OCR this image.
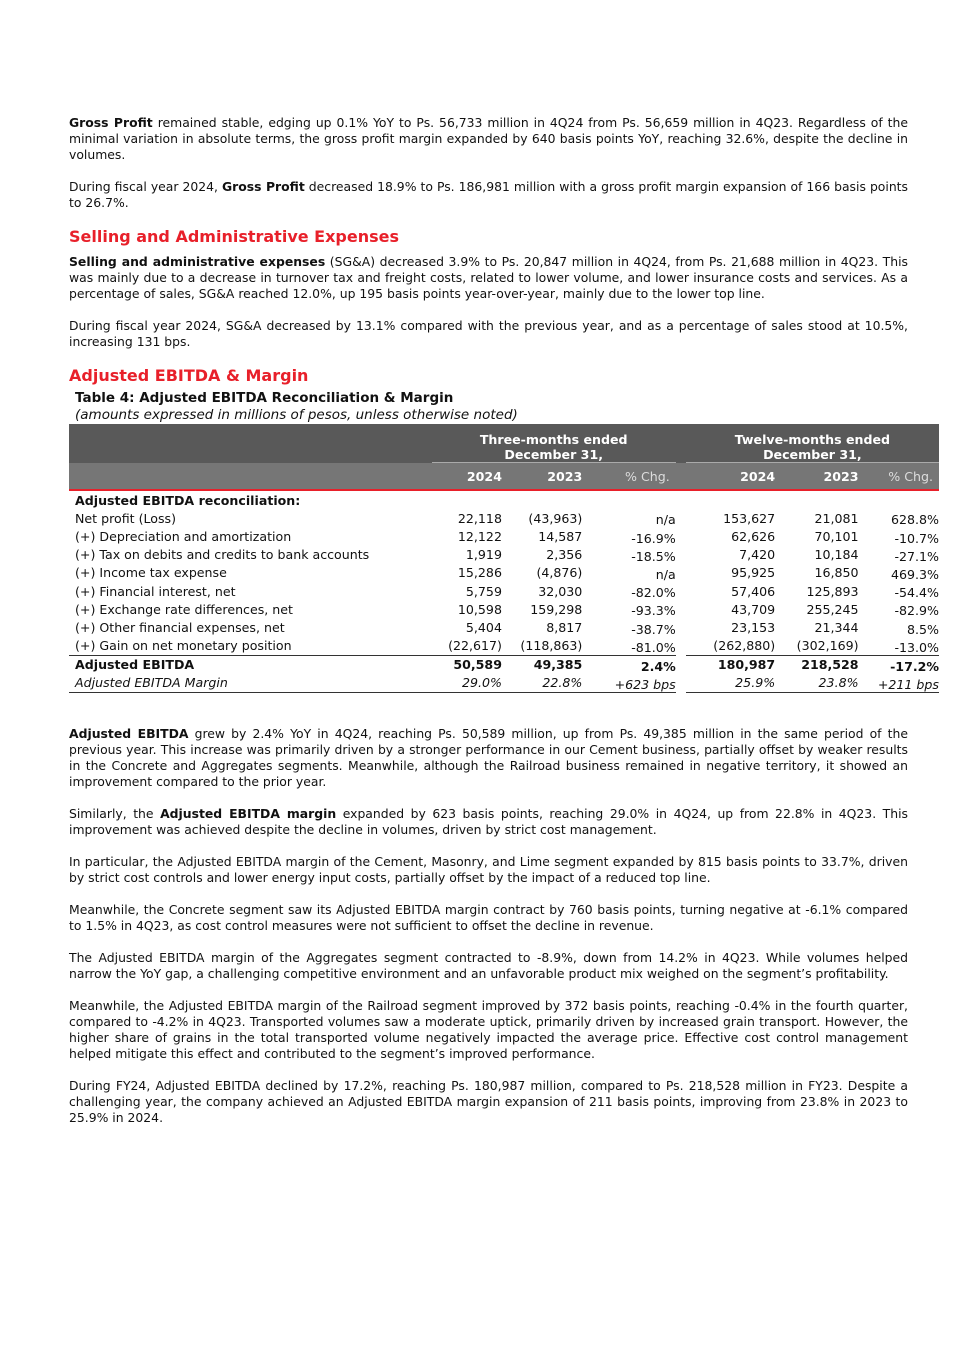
Gross Profit remained stable, edging up 0.1% YoY to Ps. 56,733 million in 4Q24 from Ps. 56,659 million in 4Q23. Regardless of the minimal variation in absolute terms, the gross profit margin expanded by 640 basis points YoY, reaching 32.6%, despite the decline in volumes.

During fiscal year 2024, Gross Profit decreased 18.9% to Ps. 186,981 million with a gross profit margin expansion of 166 basis points to 26.7%.

Selling and Administrative Expenses

Selling and administrative expenses (SG&A) decreased 3.9% to Ps. 20,847 million in 4Q24, from Ps. 21,688 million in 4Q23. This was mainly due to a decrease in turnover tax and freight costs, related to lower volume, and lower insurance costs and services. As a percentage of sales, SG&A reached 12.0%, up 195 basis points year-over-year, mainly due to the lower top line.

During fiscal year 2024, SG&A decreased by 13.1% compared with the previous year, and as a percentage of sales stood at 10.5%, increasing 131 bps.

Adjusted EBITDA & Margin
Table 4: Adjusted EBITDA Reconciliation & Margin
(amounts expressed in millions of pesos, unless otherwise noted)
	Three-months ended
December 31,				Twelve-months ended
December 31,		
	2024	2023	% Chg.		2024	2023	% Chg.
Adjusted EBITDA reconciliation:							
Net profit (Loss)	22,118	(43,963)	n/a		153,627	21,081	628.8%
(+) Depreciation and amortization	12,122	14,587	-16.9%		62,626	70,101	-10.7%
(+) Tax on debits and credits to bank accounts	1,919	2,356	-18.5%		7,420	10,184	-27.1%
(+) Income tax expense	15,286	(4,876)	n/a		95,925	16,850	469.3%
(+) Financial interest, net	5,759	32,030	-82.0%		57,406	125,893	-54.4%
(+) Exchange rate differences, net	10,598	159,298	-93.3%		43,709	255,245	-82.9%
(+) Other financial expenses, net	5,404	8,817	-38.7%		23,153	21,344	8.5%
(+) Gain on net monetary position	(22,617)	(118,863)	-81.0%		(262,880)	(302,169)	-13.0%
Adjusted EBITDA	50,589	49,385	2.4%		180,987	218,528	-17.2%
Adjusted EBITDA Margin	29.0%	22.8%	+623 bps		25.9%	23.8%	+211 bps

Adjusted EBITDA grew by 2.4% YoY in 4Q24, reaching Ps. 50,589 million, up from Ps. 49,385 million in the same period of the previous year. This increase was primarily driven by a stronger performance in our Cement business, partially offset by weaker results in the Concrete and Aggregates segments. Meanwhile, although the Railroad business remained in negative territory, it showed an improvement compared to the prior year.

Similarly, the Adjusted EBITDA margin expanded by 623 basis points, reaching 29.0% in 4Q24, up from 22.8% in 4Q23. This improvement was achieved despite the decline in volumes, driven by strict cost management.

In particular, the Adjusted EBITDA margin of the Cement, Masonry, and Lime segment expanded by 815 basis points to 33.7%, driven by strict cost controls and lower energy input costs, partially offset by the impact of a reduced top line.

Meanwhile, the Concrete segment saw its Adjusted EBITDA margin contract by 760 basis points, turning negative at -6.1% compared to 1.5% in 4Q23, as cost control measures were not sufficient to offset the decline in revenue.

The Adjusted EBITDA margin of the Aggregates segment contracted to -8.9%, down from 14.2% in 4Q23. While volumes helped narrow the YoY gap, a challenging competitive environment and an unfavorable product mix weighed on the segment’s profitability.

Meanwhile, the Adjusted EBITDA margin of the Railroad segment improved by 372 basis points, reaching -0.4% in the fourth quarter, compared to -4.2% in 4Q23. Transported volumes saw a moderate uptick, primarily driven by increased grain transport. However, the higher share of grains in the total transported volume negatively impacted the average price. Effective cost control management helped mitigate this effect and contributed to the segment’s improved performance.

During FY24, Adjusted EBITDA declined by 17.2%, reaching Ps. 180,987 million, compared to Ps. 218,528 million in FY23. Despite a challenging year, the company achieved an Adjusted EBITDA margin expansion of 211 basis points, improving from 23.8% in 2023 to 25.9% in 2024.
